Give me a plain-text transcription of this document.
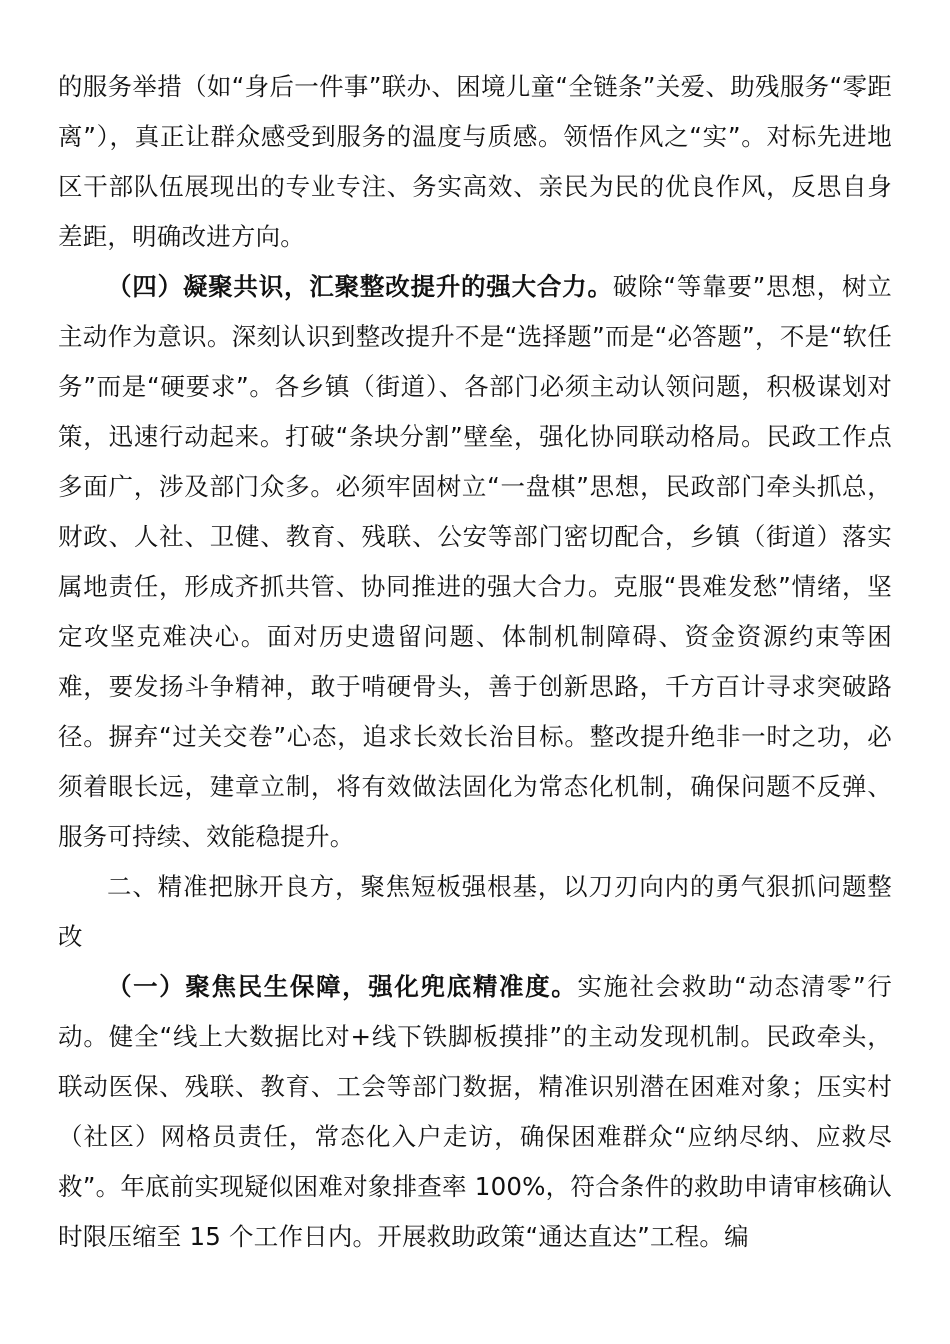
的服务举措（如“身后一件事”联办、困境儿童“全链条”关爱、助残服务“零距离”），真正让群众感受到服务的温度与质感。领悟作风之“实”。对标先进地区干部队伍展现出的专业专注、务实高效、亲民为民的优良作风，反思自身差距，明确改进方向。

（四）凝聚共识，汇聚整改提升的强大合力。破除“等靠要”思想，树立主动作为意识。深刻认识到整改提升不是“选择题”而是“必答题”，不是“软任务”而是“硬要求”。各乡镇（街道）、各部门必须主动认领问题，积极谋划对策，迅速行动起来。打破“条块分割”壁垒，强化协同联动格局。民政工作点多面广，涉及部门众多。必须牢固树立“一盘棋”思想，民政部门牵头抓总，财政、人社、卫健、教育、残联、公安等部门密切配合，乡镇（街道）落实属地责任，形成齐抓共管、协同推进的强大合力。克服“畏难发愁”情绪，坚定攻坚克难决心。面对历史遗留问题、体制机制障碍、资金资源约束等困难，要发扬斗争精神，敢于啃硬骨头，善于创新思路，千方百计寻求突破路径。摒弃“过关交卷”心态，追求长效长治目标。整改提升绝非一时之功，必须着眼长远，建章立制，将有效做法固化为常态化机制，确保问题不反弹、服务可持续、效能稳提升。

二、精准把脉开良方，聚焦短板强根基，以刀刃向内的勇气狠抓问题整改

（一）聚焦民生保障，强化兜底精准度。实施社会救助“动态清零”行动。健全“线上大数据比对+线下铁脚板摸排”的主动发现机制。民政牵头，联动医保、残联、教育、工会等部门数据，精准识别潜在困难对象；压实村（社区）网格员责任，常态化入户走访，确保困难群众“应纳尽纳、应救尽救”。年底前实现疑似困难对象排查率 100%，符合条件的救助申请审核确认时限压缩至 15 个工作日内。开展救助政策“通达直达”工程。编
